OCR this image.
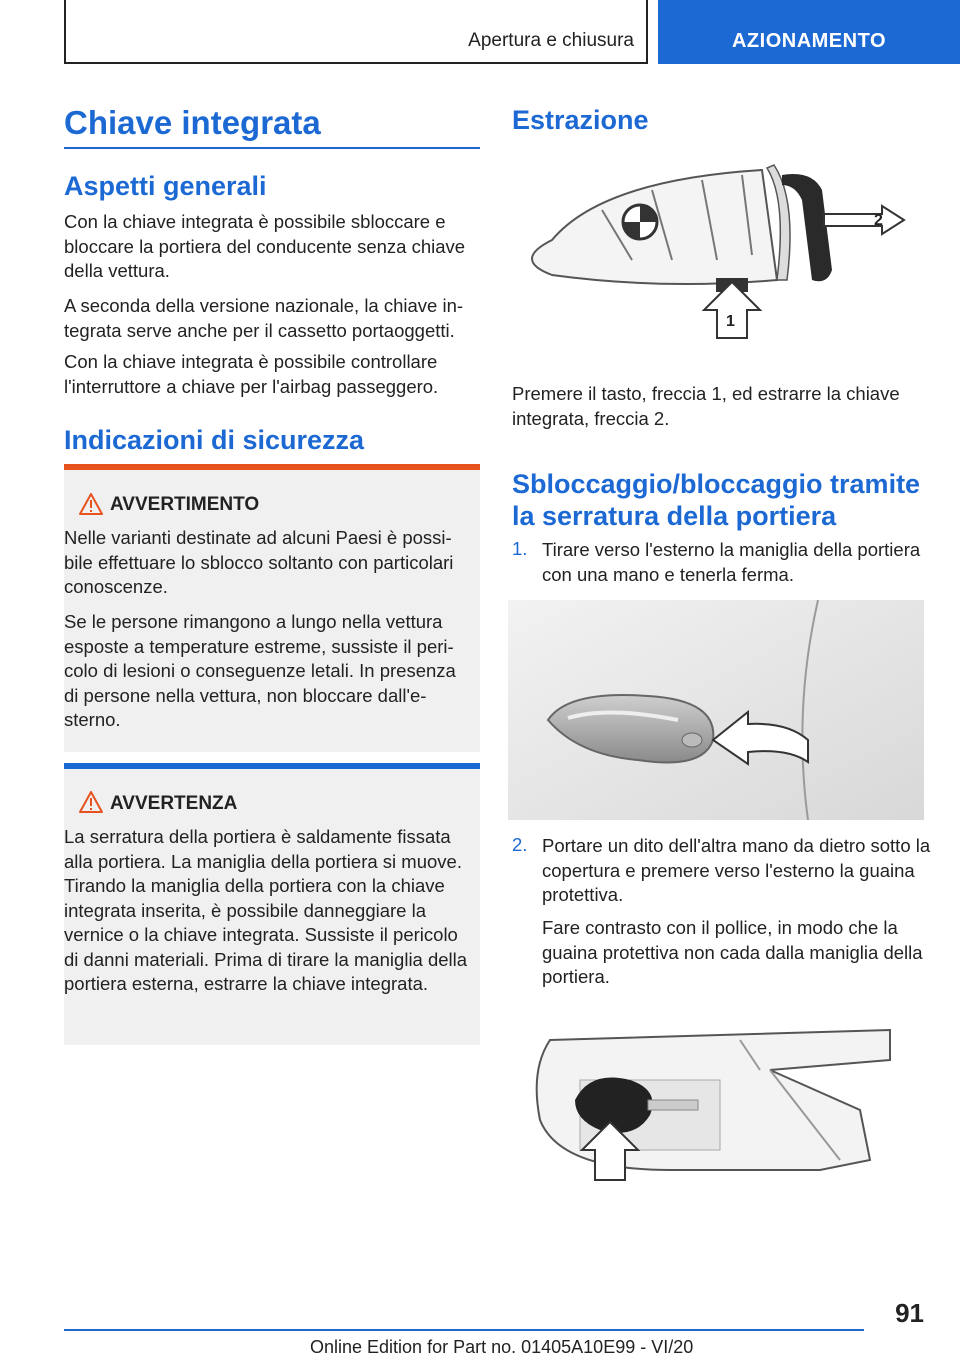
Apertura e chiusura	AZIONAMENTO
Chiave integrata
Aspetti generali

Con la chiave integrata è possibile sbloccare e bloccare la portiera del conducente senza chiave della vettura.

A seconda della versione nazionale, la chiave integrata serve anche per il cassetto portaoggetti.

Con la chiave integrata è possibile controllare l'interruttore a chiave per l'airbag passeggero.

Indicazioni di sicurezza
AVVERTIMENTO

Nelle varianti destinate ad alcuni Paesi è possibile effettuare lo sblocco soltanto con particolari conoscenze.

Se le persone rimangono a lungo nella vettura esposte a temperature estreme, sussiste il pericolo di lesioni o conseguenze letali. In presenza di persone nella vettura, non bloccare dall'esterno.

AVVERTENZA

La serratura della portiera è saldamente fissata alla portiera. La maniglia della portiera si muove. Tirando la maniglia della portiera con la chiave integrata inserita, è possibile danneggiare la vernice o la chiave integrata. Sussiste il pericolo di danni materiali. Prima di tirare la maniglia della portiera esterna, estrarre la chiave integrata.

Estrazione
2
1

Premere il tasto, freccia 1, ed estrarre la chiave integrata, freccia 2.

Sbloccaggio/bloccaggio tramite la serratura della portiera
1. Tirare verso l'esterno la maniglia della portiera con una mano e tenerla ferma.

2. Portare un dito dell'altra mano da dietro sotto la copertura e premere verso l'esterno la guaina protettiva.

Fare contrasto con il pollice, in modo che la guaina protettiva non cada dalla maniglia della portiera.

91
Online Edition for Part no. 01405A10E99 - VI/20
